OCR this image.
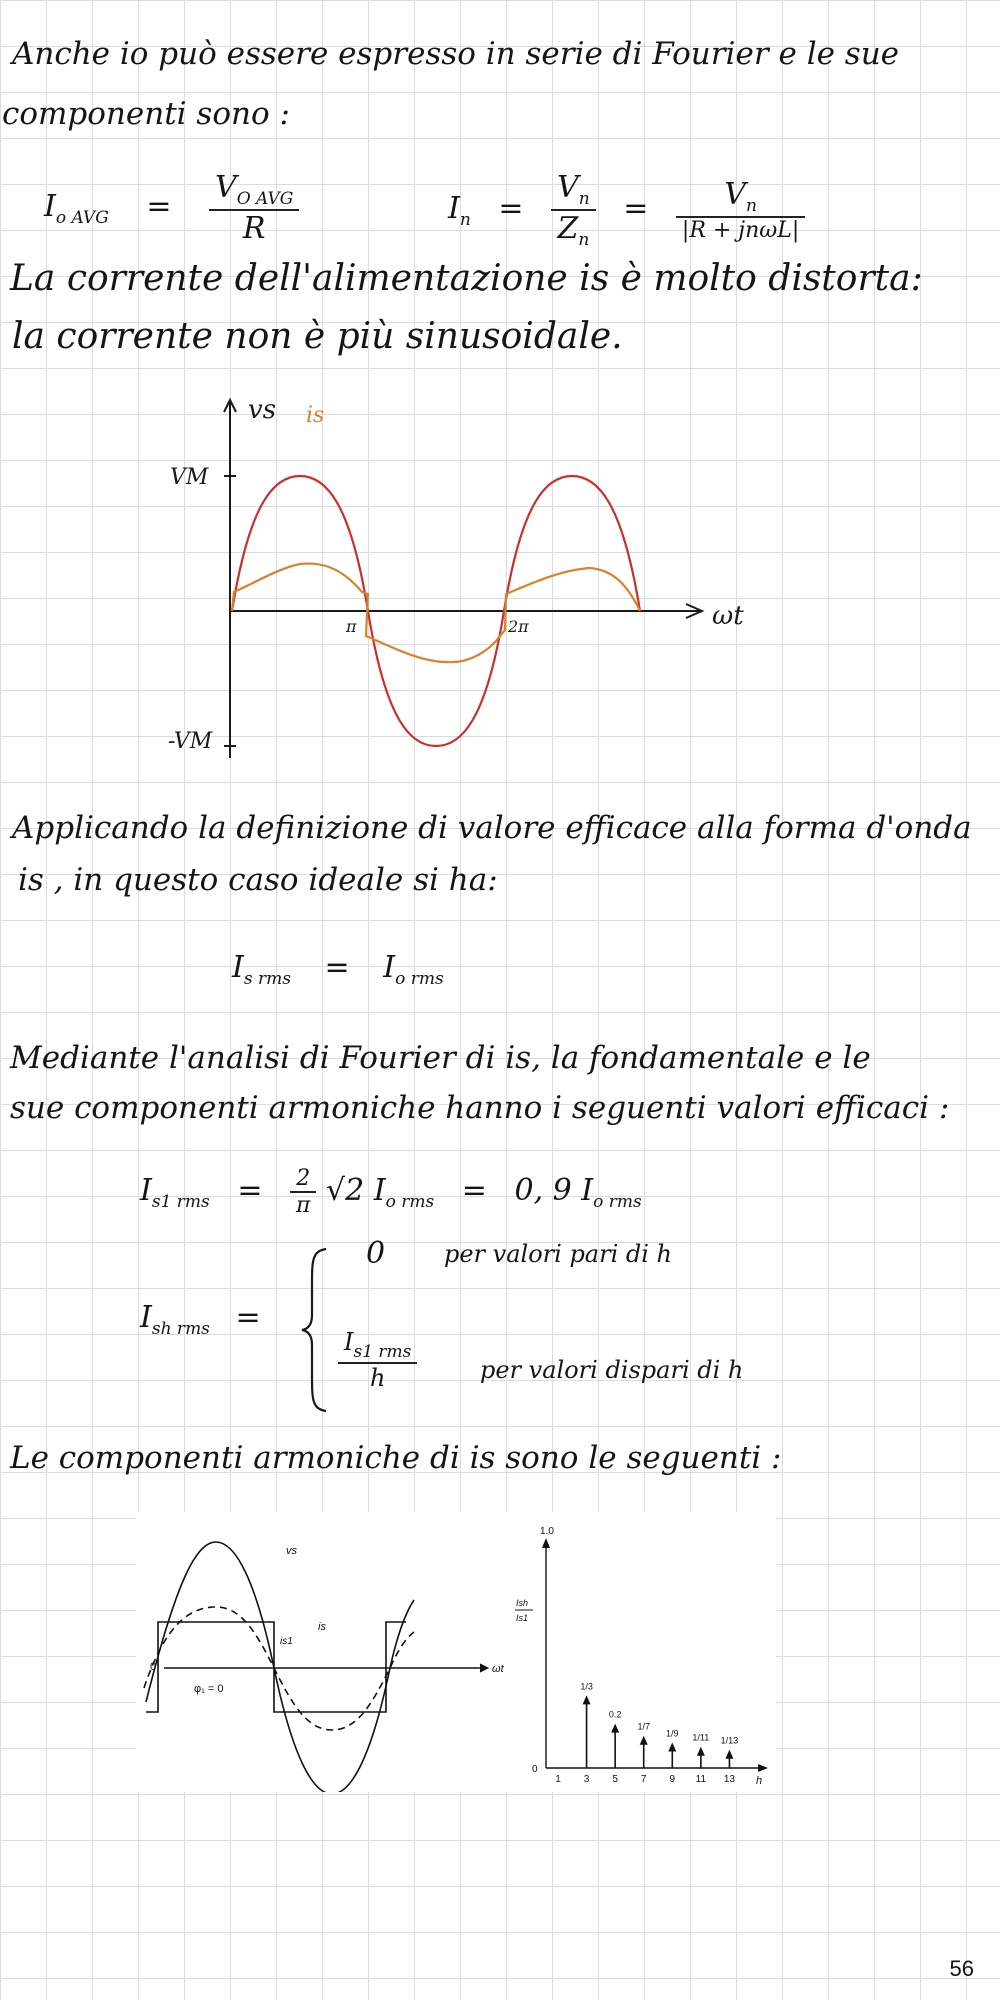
Anche io può essere espresso in serie di Fourier e le sue
componenti sono :
$I_{o AVG} = \frac{V_{O AVG}}{R}$	$I_n = \frac{V_n}{Z_n} = \frac{V_n}{\text{|R + jnωL|}}$
La corrente dell'alimentazione is è molto distorta:
la corrente non è più sinusoidale.
vs is
VM
-VM
π	2π	ωt
Applicando la definizione di valore efficace alla forma d'onda
is , in questo caso ideale si ha:
$I_{s rms} = I_{o rms}$
Mediante l'analisi di Fourier di is, la fondamentale e le
sue componenti armoniche hanno i seguenti valori efficaci :
$I_{s1 rms} = \frac{2}{\pi} √2$ $I_{o rms} = 0$, 9 $I_{o rms}$
$I_{sh rms}$ =
0 per valori pari di h
$\frac{I_{s1 rms}}{h}$	per valori dispari di h
Le componenti armoniche di is sono le seguenti :
0
vs
is
is1
φ₁ = 0
ωt
1.0
0
Ish
Is1
h
1
1/3
3
0.2
5
1/7
7
1/9
9
1/11
11
1/13
13
56
